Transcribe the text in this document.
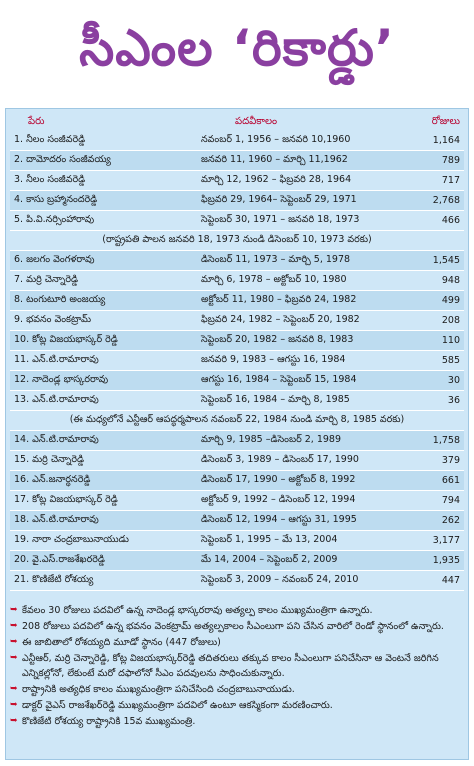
సీఎంల ‘రికార్డు’
పేరు	పదవీకాలం	రోజులు
1. నీలం సంజీవరెడ్డి	నవంబర్ 1, 1956 – జనవరి 10,1960	1,164
2. దామోదరం సంజీవయ్య	జనవరి 11, 1960 – మార్చి 11,1962	789
3. నీలం సంజీవరెడ్డి	మార్చి 12, 1962 – ఫిబ్రవరి 28, 1964	717
4. కాసు బ్రహ్మానందరెడ్డి	ఫిబ్రవరి 29, 1964– సెప్టెంబర్ 29, 1971	2,768
5. పి.వి.నర్సింహారావు	సెప్టెంబర్ 30, 1971 – జనవరి 18, 1973	466
(రాష్ట్రపతి పాలన జనవరి 18, 1973 నుండి డిసెంబర్ 10, 1973 వరకు)
6. జలగం వెంగళరావు	డిసెంబర్ 11, 1973 – మార్చి 5, 1978	1,545
7. మర్రి చెన్నారెడ్డి	మార్చి 6, 1978 – అక్టోబర్ 10, 1980	948
8. టంగుటూరి అంజయ్య	అక్టోబర్ 11, 1980 – ఫిబ్రవరి 24, 1982	499
9. భవనం వెంకట్రామ్	ఫిబ్రవరి 24, 1982 – సెప్టెంబర్ 20, 1982	208
10. కోట్ల విజయభాస్కర్ రెడ్డి	సెప్టెంబర్ 20, 1982 – జనవరి 8, 1983	110
11. ఎన్.టి.రామారావు	జనవరి 9, 1983 – ఆగస్టు 16, 1984	585
12. నాదెండ్ల భాస్కరరావు	ఆగస్టు 16, 1984 – సెప్టెంబర్ 15, 1984	30
13. ఎన్.టి.రామారావు	సెప్టెంబర్ 16, 1984 – మార్చి 8, 1985	36
(ఈ మధ్యలోనే ఎన్టీఆర్ ఆపద్ధర్మపాలన నవంబర్ 22, 1984 నుండి మార్చి 8, 1985 వరకు)
14. ఎన్.టి.రామారావు	మార్చి 9, 1985 –డిసెంబర్ 2, 1989	1,758
15. మర్రి చెన్నారెడ్డి	డిసెంబర్ 3, 1989 – డిసెంబర్ 17, 1990	379
16. ఎన్.జనార్ధనరెడ్డి	డిసెంబర్ 17, 1990 – అక్టోబర్ 8, 1992	661
17. కోట్ల విజయభాస్కర్ రెడ్డి	అక్టోబర్ 9, 1992 – డిసెంబర్ 12, 1994	794
18. ఎన్.టి.రామారావు	డిసెంబర్ 12, 1994 – ఆగస్టు 31, 1995	262
19. నారా చంద్రబాబునాయుడు	సెప్టెంబర్ 1, 1995 – మే 13, 2004	3,177
20. వై.ఎస్.రాజశేఖరరెడ్డి	మే 14, 2004 – సెప్టెంబర్ 2, 2009	1,935
21. కొణిజేటి రోశయ్య	సెప్టెంబర్ 3, 2009 – నవంబర్ 24, 2010	447
➥ కేవలం 30 రోజులు పదవిలో ఉన్న నాదెండ్ల భాస్కరరావు అత్యల్ప కాలం ముఖ్యమంత్రిగా ఉన్నారు.
➥ 208 రోజులు పదవిలో ఉన్న భవనం వెంకట్రామ్ అత్యల్పకాలం సీఎంలుగా పని చేసిన వారిలో రెండో స్థానంలో ఉన్నారు.
➥ ఈ జాబితాలో రోశయ్యది మూడో స్థానం (447 రోజులు)
➥ ఎన్టీఆర్, మర్రి చెన్నారెడ్డి, కోట్ల విజయభాస్కర్‌రెడ్డి తదితరులు తక్కువ కాలం సీఎంలుగా పనిచేసినా ఆ వెంటనే జరిగిన ఎన్నికల్లోనో, లేకుంటే మరో దఫాలోనో సీఎం పదవులను సాధించుకున్నారు.
➥ రాష్ట్రానికి అత్యధిక కాలం ముఖ్యమంత్రిగా పనిచేసింది చంద్రబాబునాయుడు.
➥ డాక్టర్ వైఎస్ రాజశేఖర్‌రెడ్డి ముఖ్యమంత్రిగా పదవిలో ఉంటూ ఆకస్మికంగా మరణించారు.
➥ కొణిజేటి రోశయ్య రాష్ట్రానికి 15వ ముఖ్యమంత్రి.
